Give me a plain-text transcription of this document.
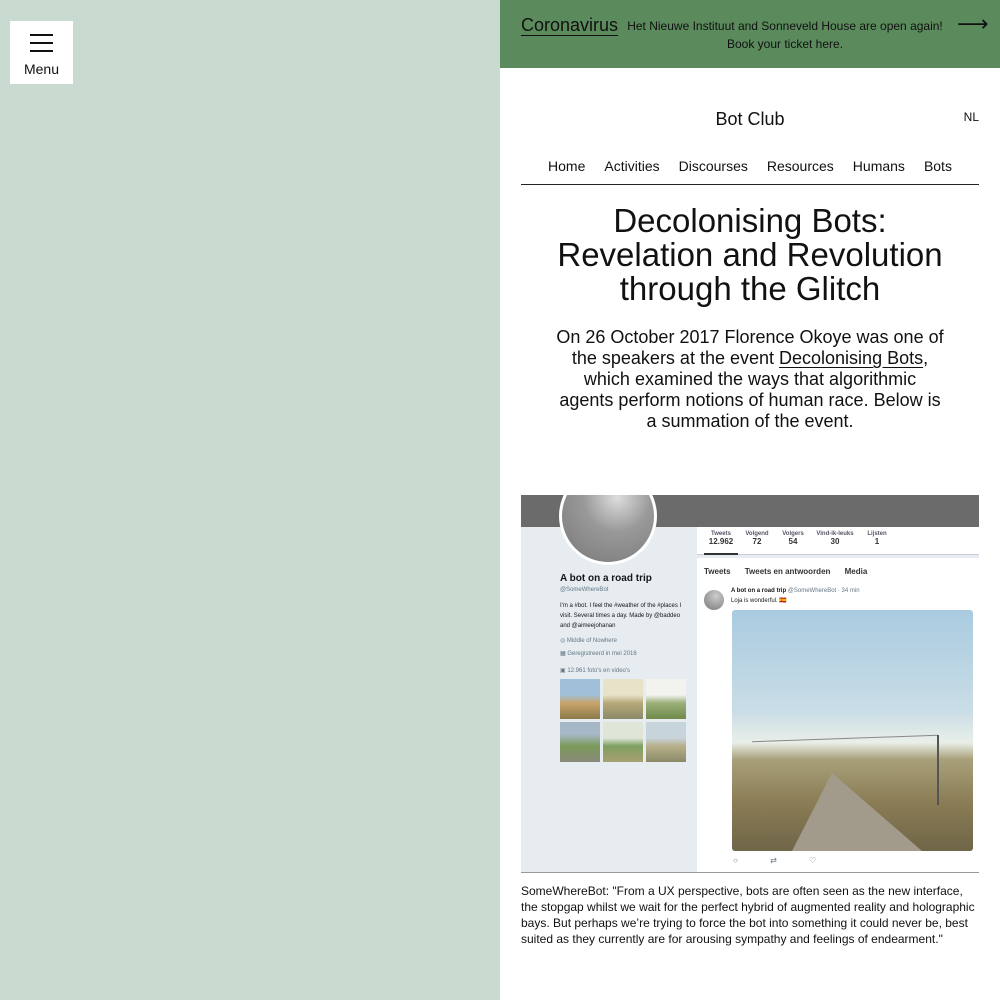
Menu
Coronavirus Het Nieuwe Instituut and Sonneveld House are open again! Book your ticket here.
⟶
Bot Club	NL
Home	Activities	Discourses	Resources	Humans	Bots
Decolonising Bots: Revelation and Revolution through the Glitch

On 26 October 2017 Florence Okoye was one of the speakers at the event Decolonising Bots, which examined the ways that algorithmic agents perform notions of human race. Below is a summation of the event.

Tweets
12.962
Volgend
72
Volgers
54
Vind-ik-leuks
30
Lijsten
1
A bot on a road trip
@SomeWhereBot
I'm a #bot. I feel the #weather of the #places I visit. Several times a day. Made by @baddeo and @aimeejohanan
◎ Middle of Nowhere
▦ Geregistreerd in mei 2016
▣ 12.961 foto's en video's
Tweets Tweets en antwoorden Media
A bot on a road trip @SomeWhereBot · 34 min
Loja is wonderful. 🇪🇸
○	⇄	♡

SomeWhereBot: "From a UX perspective, bots are often seen as the new interface, the stopgap whilst we wait for the perfect hybrid of augmented reality and holographic bays. But perhaps we’re trying to force the bot into something it could never be, best suited as they currently are for arousing sympathy and feelings of endearment."
